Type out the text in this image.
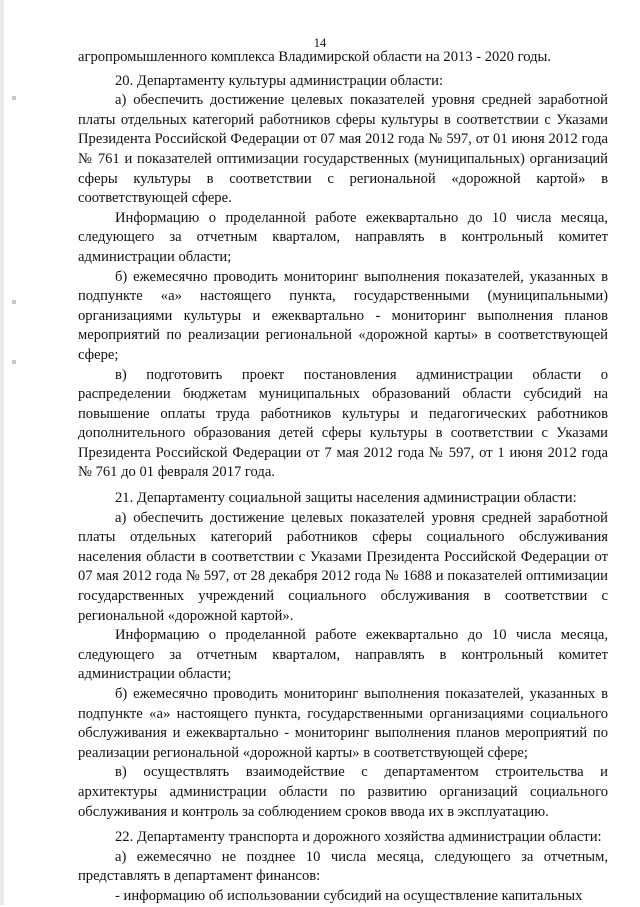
14

агропромышленного комплекса Владимирской области на 2013 - 2020 годы.

20. Департаменту культуры администрации области:

а) обеспечить достижение целевых показателей уровня средней заработной платы отдельных категорий работников сферы культуры в соответствии с Указами Президента Российской Федерации от 07 мая 2012 года № 597, от 01 июня 2012 года № 761 и показателей оптимизации государственных (муниципальных) организаций сферы культуры в соответствии с региональной «дорожной картой» в соответствующей сфере.

Информацию о проделанной работе ежеквартально до 10 числа месяца, следующего за отчетным кварталом, направлять в контрольный комитет администрации области;

б) ежемесячно проводить мониторинг выполнения показателей, указанных в подпункте «а» настоящего пункта, государственными (муниципальными) организациями культуры и ежеквартально - мониторинг выполнения планов мероприятий по реализации региональной «дорожной карты» в соответствующей сфере;

в) подготовить проект постановления администрации области о распределении бюджетам муниципальных образований области субсидий на повышение оплаты труда работников культуры и педагогических работников дополнительного образования детей сферы культуры в соответствии с Указами Президента Российской Федерации от 7 мая 2012 года № 597, от 1 июня 2012 года № 761 до 01 февраля 2017 года.

21. Департаменту социальной защиты населения администрации области:

а) обеспечить достижение целевых показателей уровня средней заработной платы отдельных категорий работников сферы социального обслуживания населения области в соответствии с Указами Президента Российской Федерации от 07 мая 2012 года № 597, от 28 декабря 2012 года № 1688 и показателей оптимизации государственных учреждений социального обслуживания в соответствии с региональной «дорожной картой».

Информацию о проделанной работе ежеквартально до 10 числа месяца, следующего за отчетным кварталом, направлять в контрольный комитет администрации области;

б) ежемесячно проводить мониторинг выполнения показателей, указанных в подпункте «а» настоящего пункта, государственными организациями социального обслуживания и ежеквартально - мониторинг выполнения планов мероприятий по реализации региональной «дорожной карты» в соответствующей сфере;

в) осуществлять взаимодействие с департаментом строительства и архитектуры администрации области по развитию организаций социального обслуживания и контроль за соблюдением сроков ввода их в эксплуатацию.

22. Департаменту транспорта и дорожного хозяйства администрации области:

а) ежемесячно не позднее 10 числа месяца, следующего за отчетным, представлять в департамент финансов:

- информацию об использовании субсидий на осуществление капитальных
